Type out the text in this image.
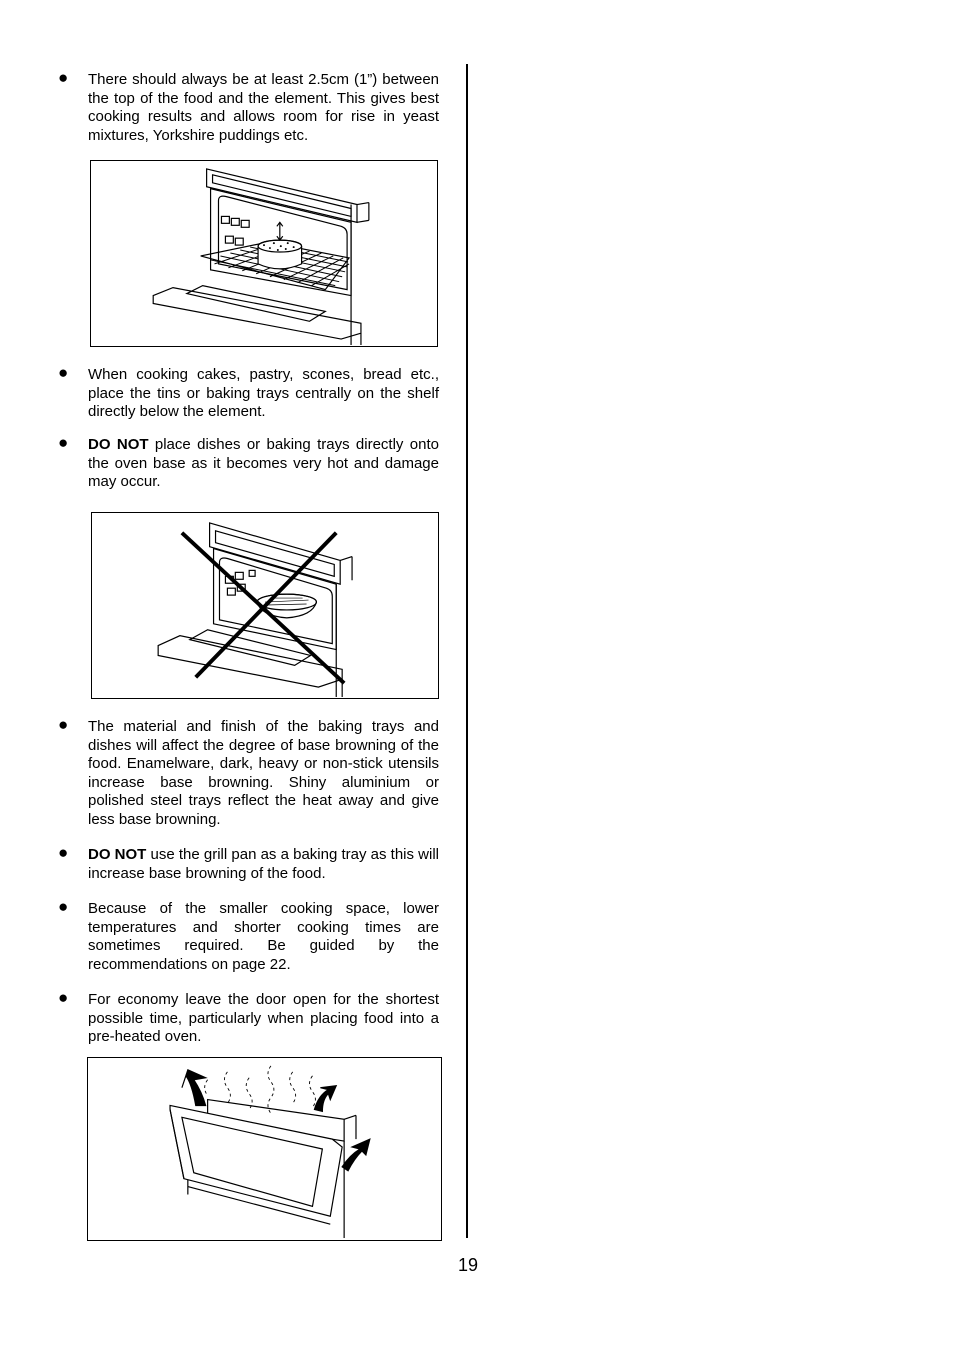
● There should always be at least 2.5cm (1”) between the top of the food and the element. This gives best cooking results and allows room for rise in yeast mixtures, Yorkshire puddings etc.
● When cooking cakes, pastry, scones, bread etc., place the tins or baking trays centrally on the shelf directly below the element.
● DO NOT place dishes or baking trays directly onto the oven base as it becomes very hot and damage may occur.
● The material and finish of the baking trays and dishes will affect the degree of base browning of the food. Enamelware, dark, heavy or non-stick utensils increase base browning. Shiny aluminium or polished steel trays reflect the heat away and give less base browning.
● DO NOT use the grill pan as a baking tray as this will increase base browning of the food.
● Because of the smaller cooking space, lower temperatures and shorter cooking times are sometimes required. Be guided by the recommendations on page 22.
● For economy leave the door open for the shortest possible time, particularly when placing food into a pre-heated oven.
19
